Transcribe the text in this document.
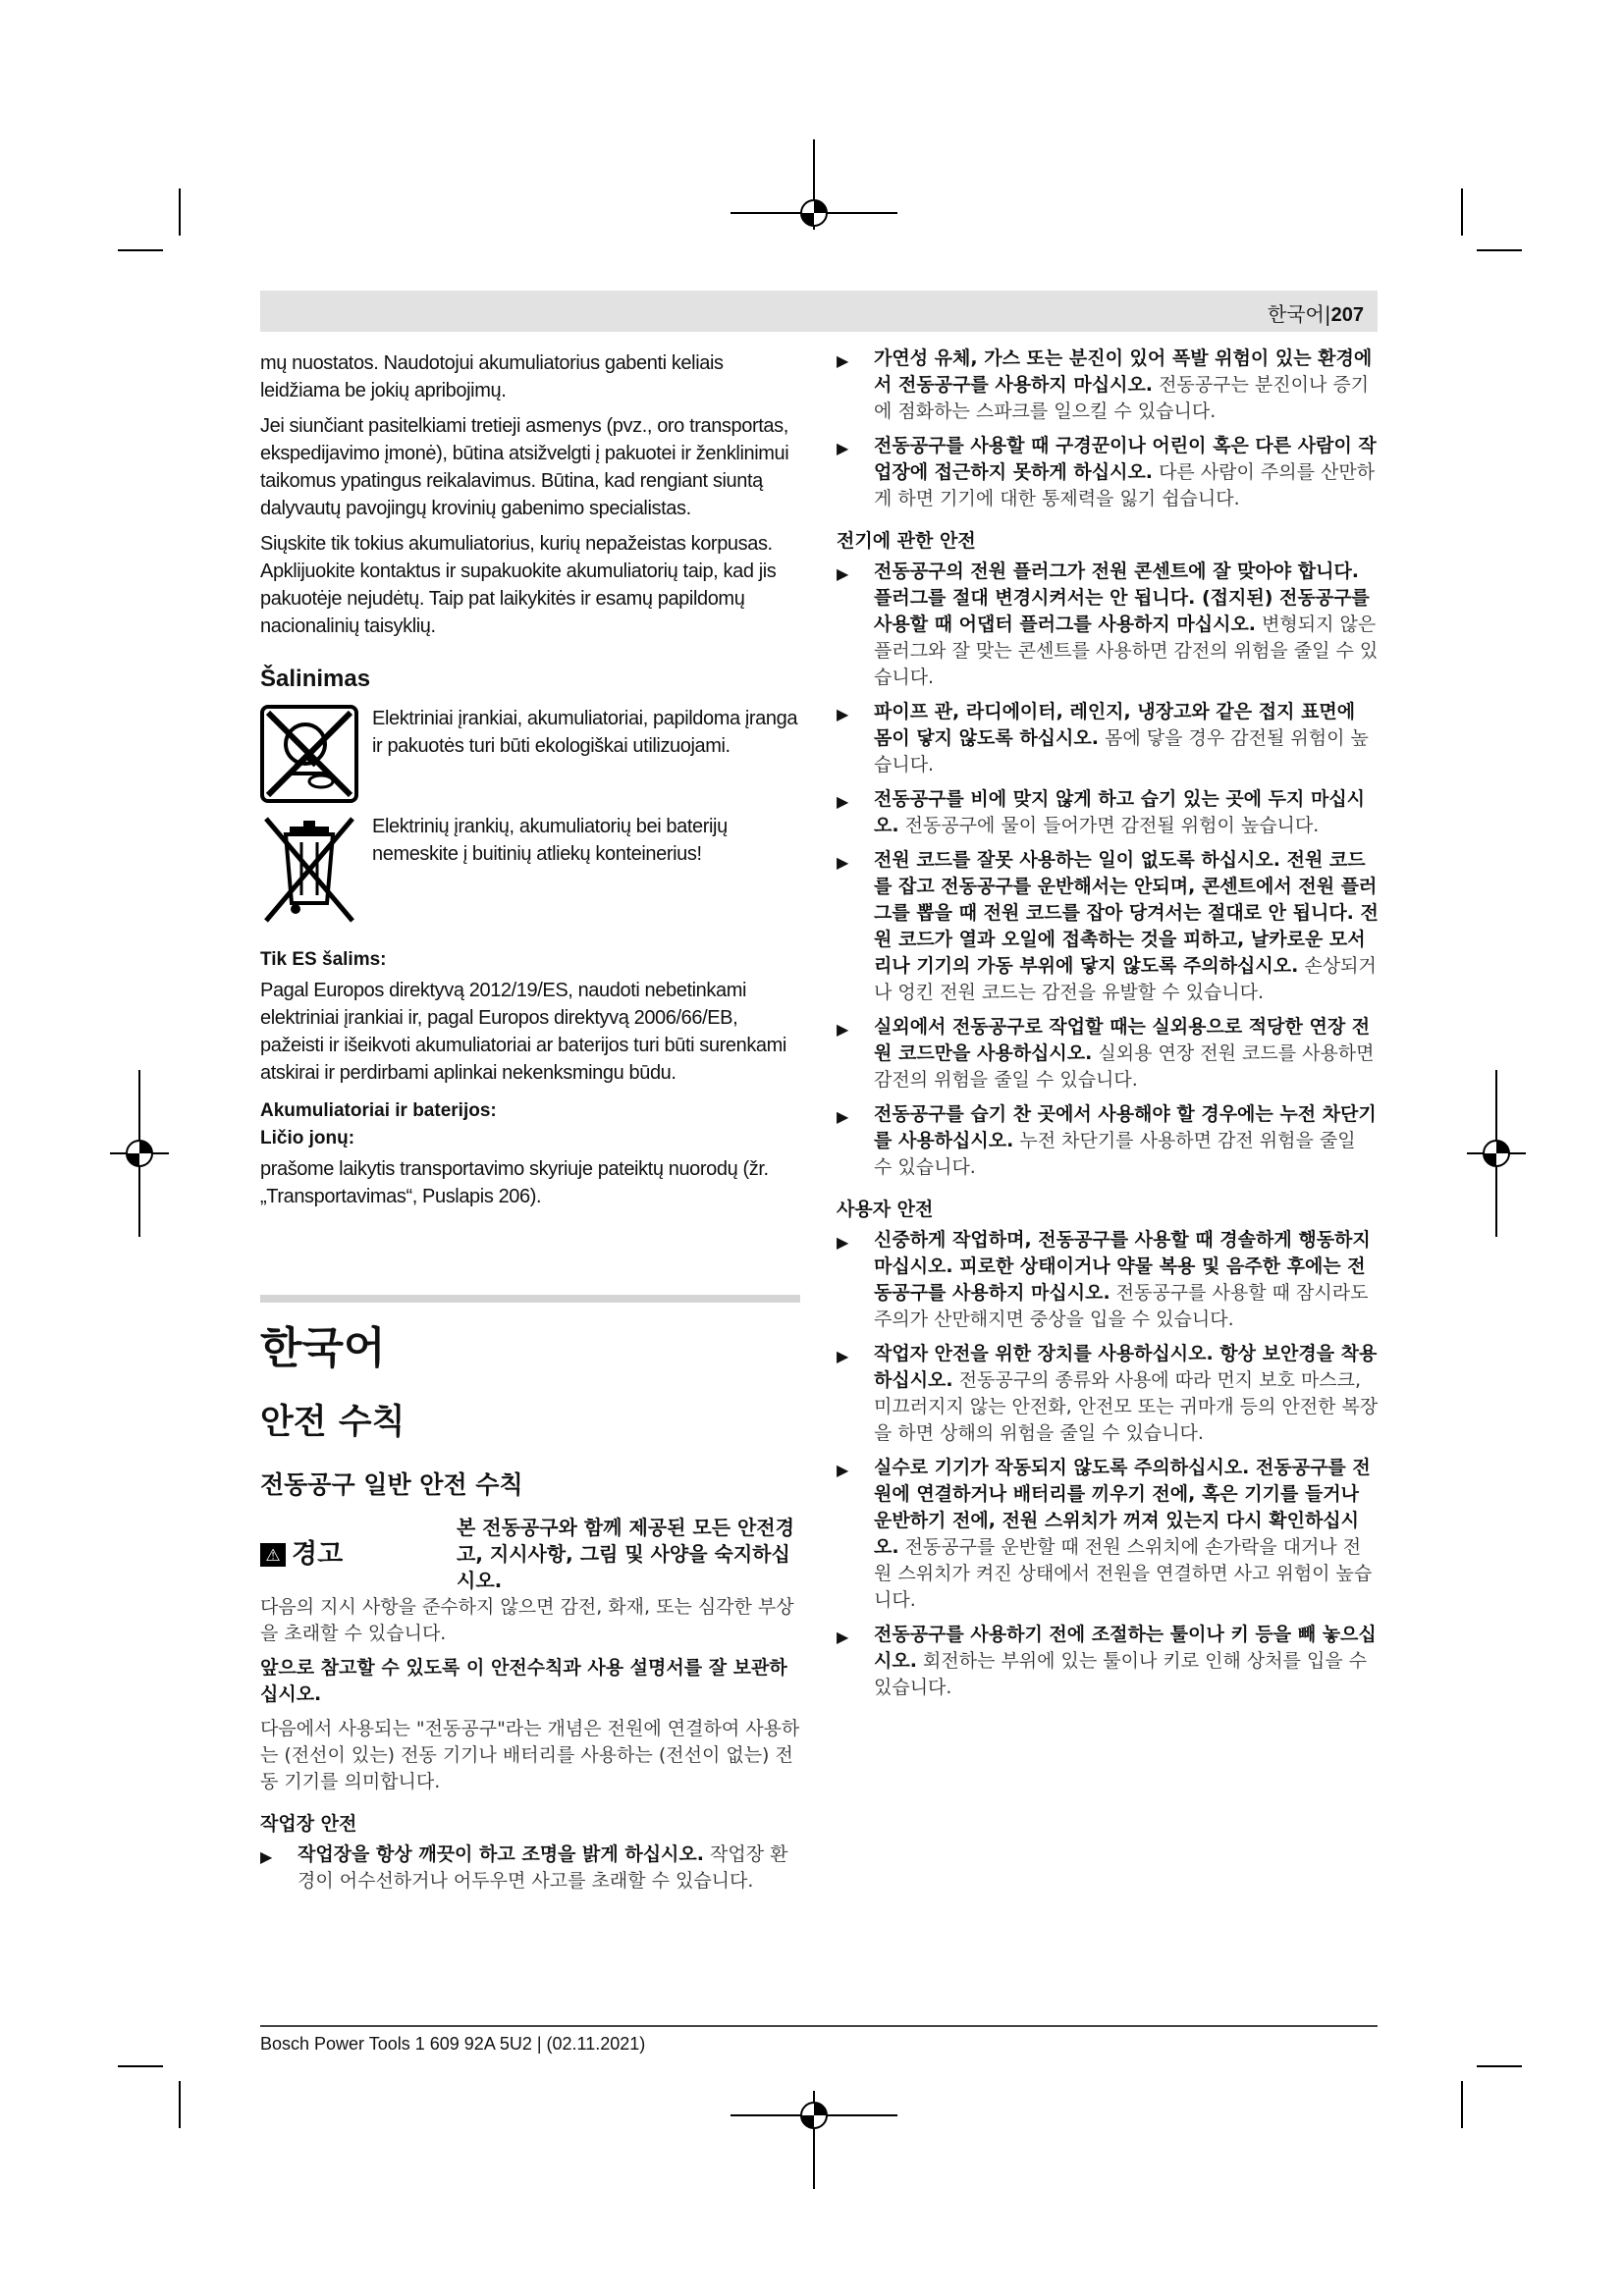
한국어|207

mų nuostatos. Naudotojui akumuliatorius gabenti keliais leidžiama be jokių apribojimų.

Jei siunčiant pasitelkiami tretieji asmenys (pvz., oro transportas, ekspedijavimo įmonė), būtina atsižvelgti į pakuotei ir ženklinimui taikomus ypatingus reikalavimus. Būtina, kad rengiant siuntą dalyvautų pavojingų krovinių gabenimo specialistas.

Siųskite tik tokius akumuliatorius, kurių nepažeistas korpusas. Apklijuokite kontaktus ir supakuokite akumuliatorių taip, kad jis pakuotėje nejudėtų. Taip pat laikykitės ir esamų papildomų nacionalinių taisyklių.

Šalinimas
Elektriniai įrankiai, akumuliatoriai, papildoma įranga ir pakuotės turi būti ekologiškai utilizuojami.
Elektrinių įrankių, akumuliatorių bei baterijų nemeskite į buitinių atliekų konteinerius!
Tik ES šalims:

Pagal Europos direktyvą 2012/19/ES, naudoti nebetinkami elektriniai įrankiai ir, pagal Europos direktyvą 2006/66/EB, pažeisti ir išeikvoti akumuliatoriai ar baterijos turi būti surenkami atskirai ir perdirbami aplinkai nekenksmingu būdu.

Akumuliatoriai ir baterijos:
Ličio jonų:

prašome laikytis transportavimo skyriuje pateiktų nuorodų (žr. „Transportavimas“, Puslapis 206).

한국어
안전 수칙
전동공구 일반 안전 수칙
⚠ 경고
본 전동공구와 함께 제공된 모든 안전경고, 지시사항, 그림 및 사양을 숙지하십시오.

다음의 지시 사항을 준수하지 않으면 감전, 화재, 또는 심각한 부상을 초래할 수 있습니다.

앞으로 참고할 수 있도록 이 안전수칙과 사용 설명서를 잘 보관하십시오.

다음에서 사용되는 "전동공구"라는 개념은 전원에 연결하여 사용하는 (전선이 있는) 전동 기기나 배터리를 사용하는 (전선이 없는) 전동 기기를 의미합니다.

작업장 안전
▶	작업장을 항상 깨끗이 하고 조명을 밝게 하십시오. 작업장 환경이 어수선하거나 어두우면 사고를 초래할 수 있습니다.
▶	가연성 유체, 가스 또는 분진이 있어 폭발 위험이 있는 환경에서 전동공구를 사용하지 마십시오. 전동공구는 분진이나 증기에 점화하는 스파크를 일으킬 수 있습니다.
▶	전동공구를 사용할 때 구경꾼이나 어린이 혹은 다른 사람이 작업장에 접근하지 못하게 하십시오. 다른 사람이 주의를 산만하게 하면 기기에 대한 통제력을 잃기 쉽습니다.
전기에 관한 안전
▶	전동공구의 전원 플러그가 전원 콘센트에 잘 맞아야 합니다. 플러그를 절대 변경시켜서는 안 됩니다. (접지된) 전동공구를 사용할 때 어댑터 플러그를 사용하지 마십시오. 변형되지 않은 플러그와 잘 맞는 콘센트를 사용하면 감전의 위험을 줄일 수 있습니다.
▶	파이프 관, 라디에이터, 레인지, 냉장고와 같은 접지 표면에 몸이 닿지 않도록 하십시오. 몸에 닿을 경우 감전될 위험이 높습니다.
▶	전동공구를 비에 맞지 않게 하고 습기 있는 곳에 두지 마십시오. 전동공구에 물이 들어가면 감전될 위험이 높습니다.
▶	전원 코드를 잘못 사용하는 일이 없도록 하십시오. 전원 코드를 잡고 전동공구를 운반해서는 안되며, 콘센트에서 전원 플러그를 뽑을 때 전원 코드를 잡아 당겨서는 절대로 안 됩니다. 전원 코드가 열과 오일에 접촉하는 것을 피하고, 날카로운 모서리나 기기의 가동 부위에 닿지 않도록 주의하십시오. 손상되거나 엉킨 전원 코드는 감전을 유발할 수 있습니다.
▶	실외에서 전동공구로 작업할 때는 실외용으로 적당한 연장 전원 코드만을 사용하십시오. 실외용 연장 전원 코드를 사용하면 감전의 위험을 줄일 수 있습니다.
▶	전동공구를 습기 찬 곳에서 사용해야 할 경우에는 누전 차단기를 사용하십시오. 누전 차단기를 사용하면 감전 위험을 줄일 수 있습니다.
사용자 안전
▶	신중하게 작업하며, 전동공구를 사용할 때 경솔하게 행동하지 마십시오. 피로한 상태이거나 약물 복용 및 음주한 후에는 전동공구를 사용하지 마십시오. 전동공구를 사용할 때 잠시라도 주의가 산만해지면 중상을 입을 수 있습니다.
▶	작업자 안전을 위한 장치를 사용하십시오. 항상 보안경을 착용하십시오. 전동공구의 종류와 사용에 따라 먼지 보호 마스크, 미끄러지지 않는 안전화, 안전모 또는 귀마개 등의 안전한 복장을 하면 상해의 위험을 줄일 수 있습니다.
▶	실수로 기기가 작동되지 않도록 주의하십시오. 전동공구를 전원에 연결하거나 배터리를 끼우기 전에, 혹은 기기를 들거나 운반하기 전에, 전원 스위치가 꺼져 있는지 다시 확인하십시오. 전동공구를 운반할 때 전원 스위치에 손가락을 대거나 전원 스위치가 켜진 상태에서 전원을 연결하면 사고 위험이 높습니다.
▶	전동공구를 사용하기 전에 조절하는 툴이나 키 등을 빼 놓으십시오. 회전하는 부위에 있는 툴이나 키로 인해 상처를 입을 수 있습니다.
Bosch Power Tools 1 609 92A 5U2 | (02.11.2021)
